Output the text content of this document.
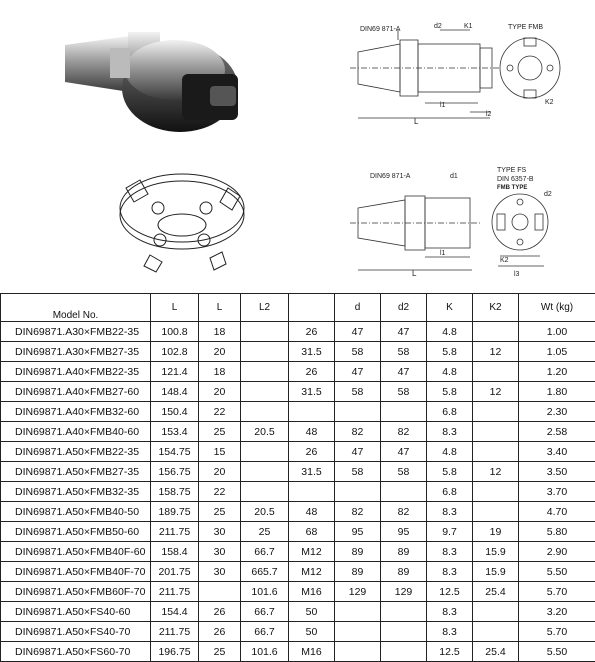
DIN69 871-A	TYPE FMB
L
l1
l2
d2	K1
K2
DIN69 871-A
TYPE FS
DIN 6357-B
FMB TYPE
L
l1
l3
d1
d2
K2
Model No.	L	L	L2		d	d2	K	K2	Wt (kg)
DIN69871.A30×FMB22-35	100.8	18		26	47	47	4.8		1.00
DIN69871.A30×FMB27-35	102.8	20		31.5	58	58	5.8	12	1.05
DIN69871.A40×FMB22-35	121.4	18		26	47	47	4.8		1.20
DIN69871.A40×FMB27-60	148.4	20		31.5	58	58	5.8	12	1.80
DIN69871.A40×FMB32-60	150.4	22					6.8		2.30
DIN69871.A40×FMB40-60	153.4	25	20.5	48	82	82	8.3		2.58
DIN69871.A50×FMB22-35	154.75	15		26	47	47	4.8		3.40
DIN69871.A50×FMB27-35	156.75	20		31.5	58	58	5.8	12	3.50
DIN69871.A50×FMB32-35	158.75	22					6.8		3.70
DIN69871.A50×FMB40-50	189.75	25	20.5	48	82	82	8.3		4.70
DIN69871.A50×FMB50-60	211.75	30	25	68	95	95	9.7	19	5.80
DIN69871.A50×FMB40F-60	158.4	30	66.7	M12	89	89	8.3	15.9	2.90
DIN69871.A50×FMB40F-70	201.75	30	665.7	M12	89	89	8.3	15.9	5.50
DIN69871.A50×FMB60F-70	211.75		101.6	M16	129	129	12.5	25.4	5.70
DIN69871.A50×FS40-60	154.4	26	66.7	50			8.3		3.20
DIN69871.A50×FS40-70	211.75	26	66.7	50			8.3		5.70
DIN69871.A50×FS60-70	196.75	25	101.6	M16			12.5	25.4	5.50
